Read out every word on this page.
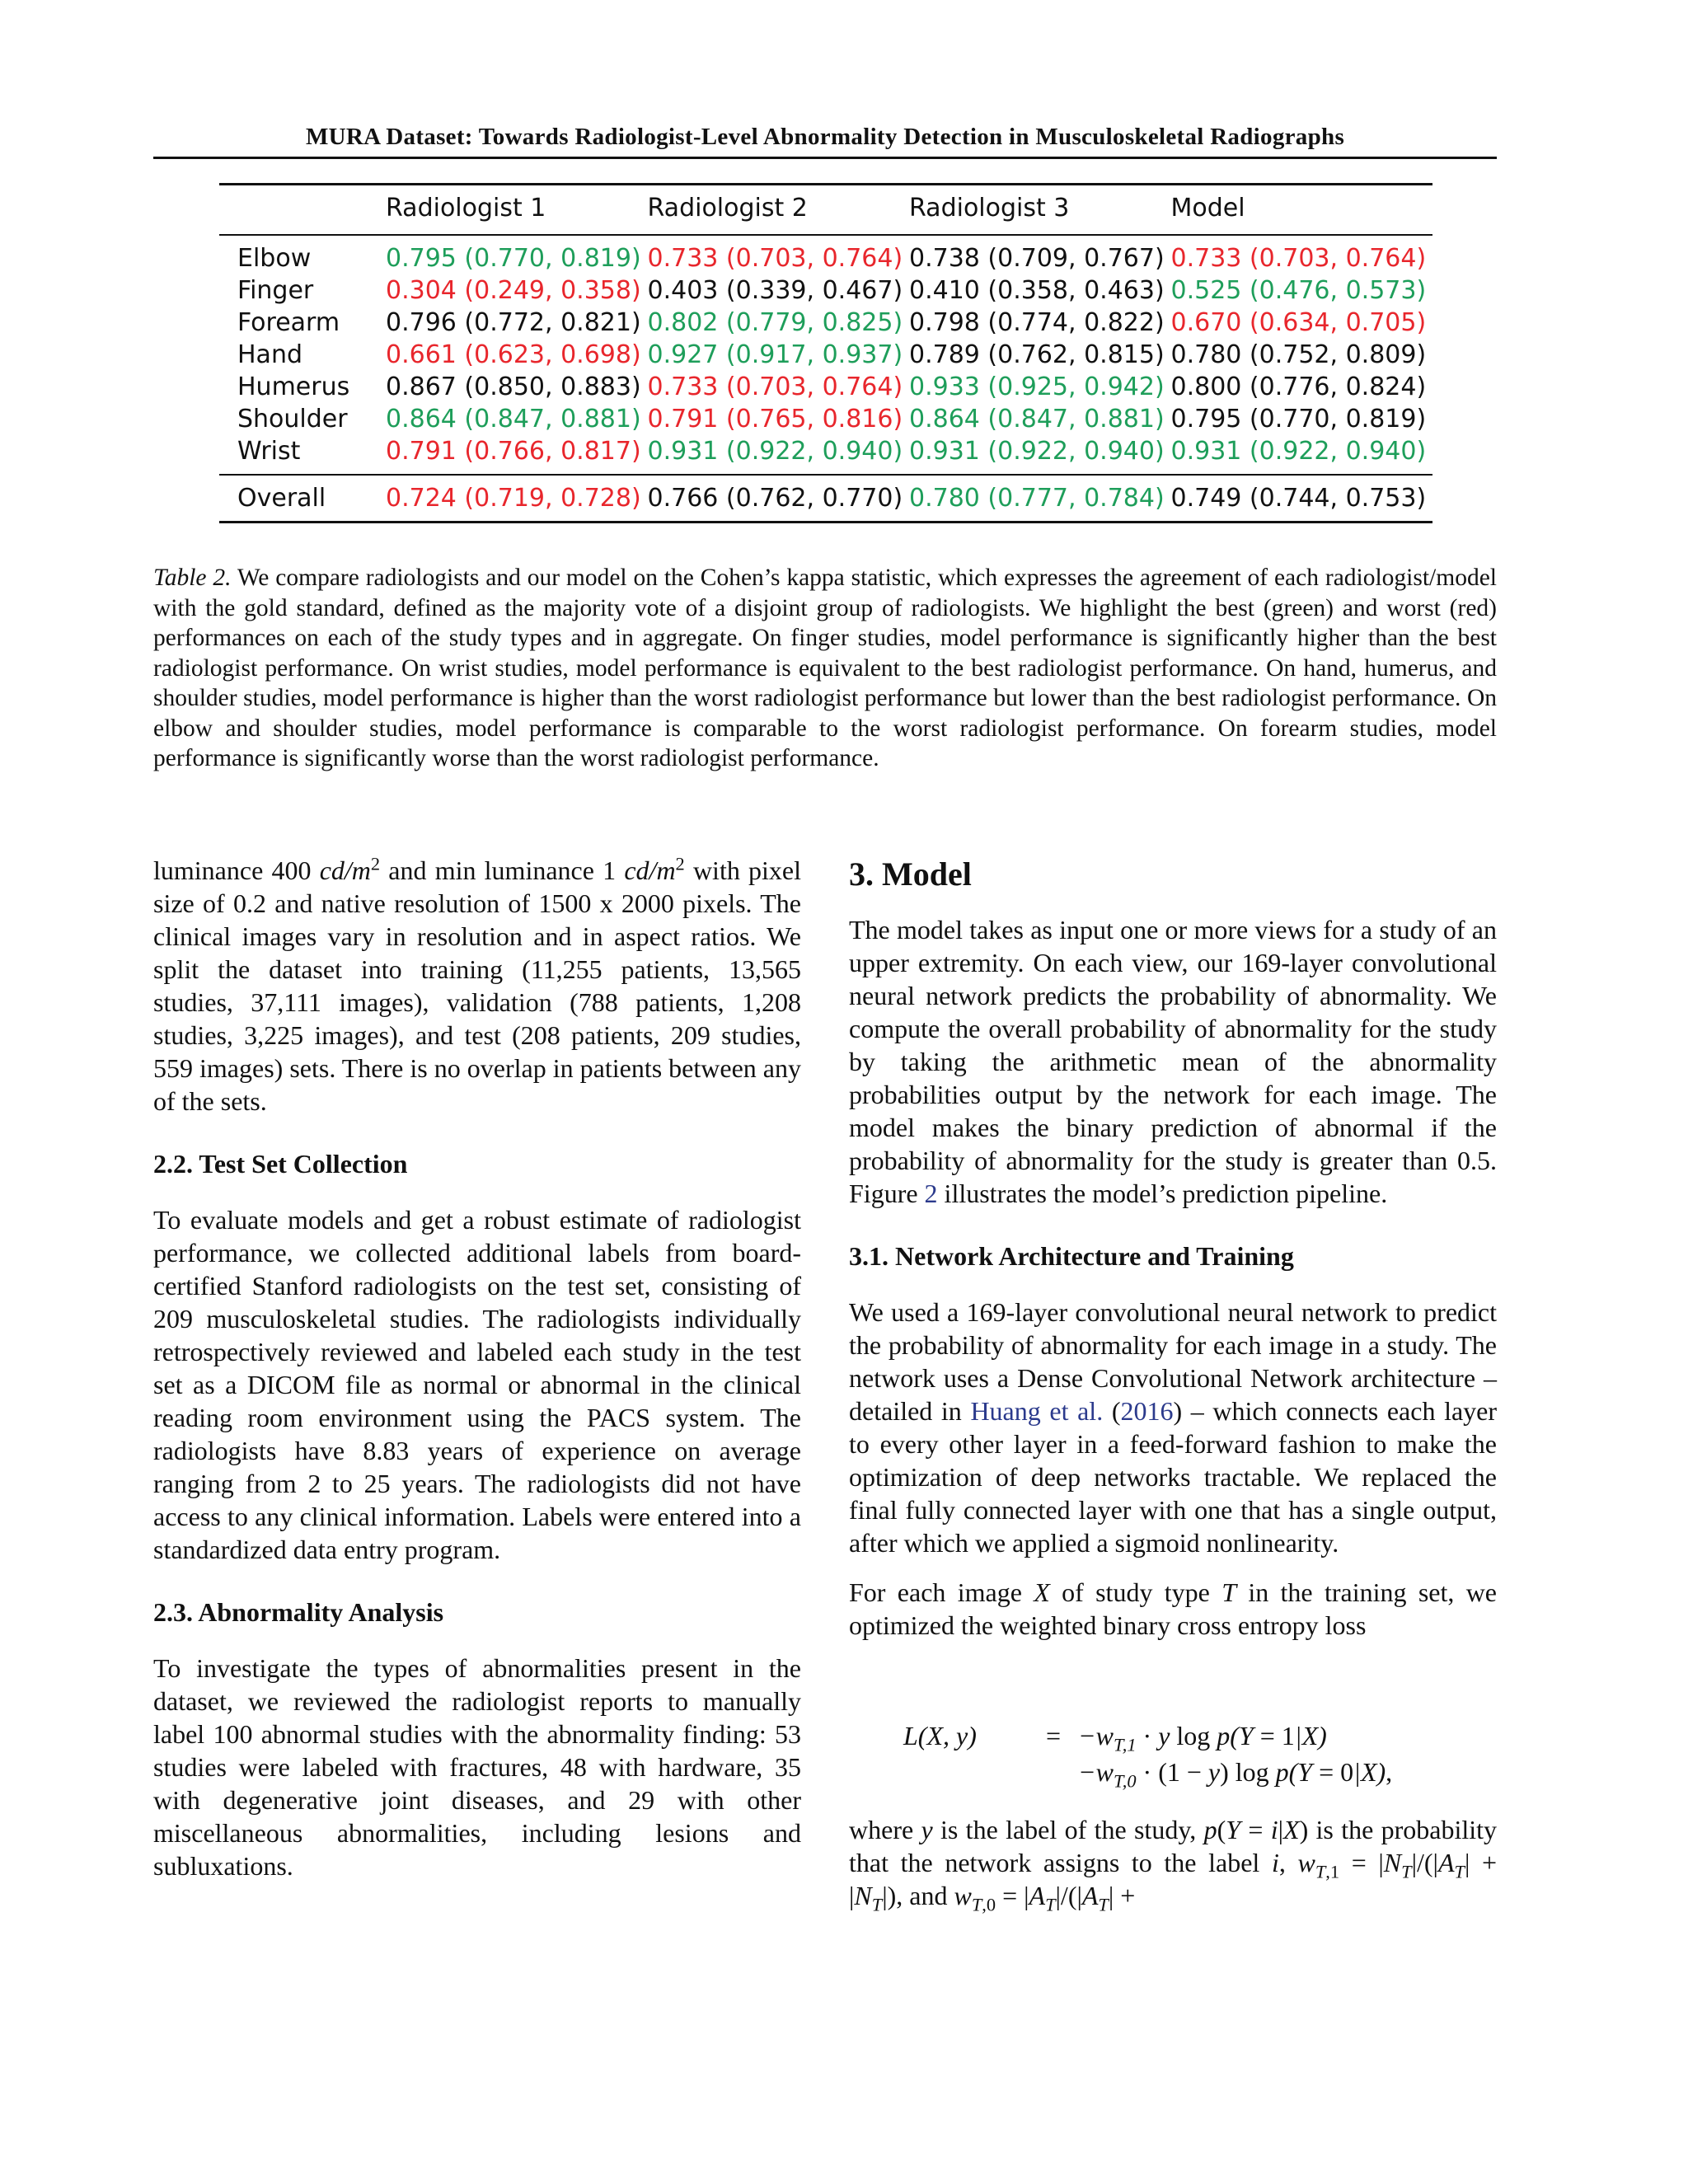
MURA Dataset: Towards Radiologist-Level Abnormality Detection in Musculoskeletal Radiographs
	Radiologist 1	Radiologist 2	Radiologist 3	Model
Elbow	0.795 (0.770, 0.819)	0.733 (0.703, 0.764)	0.738 (0.709, 0.767)	0.733 (0.703, 0.764)
Finger	0.304 (0.249, 0.358)	0.403 (0.339, 0.467)	0.410 (0.358, 0.463)	0.525 (0.476, 0.573)
Forearm	0.796 (0.772, 0.821)	0.802 (0.779, 0.825)	0.798 (0.774, 0.822)	0.670 (0.634, 0.705)
Hand	0.661 (0.623, 0.698)	0.927 (0.917, 0.937)	0.789 (0.762, 0.815)	0.780 (0.752, 0.809)
Humerus	0.867 (0.850, 0.883)	0.733 (0.703, 0.764)	0.933 (0.925, 0.942)	0.800 (0.776, 0.824)
Shoulder	0.864 (0.847, 0.881)	0.791 (0.765, 0.816)	0.864 (0.847, 0.881)	0.795 (0.770, 0.819)
Wrist	0.791 (0.766, 0.817)	0.931 (0.922, 0.940)	0.931 (0.922, 0.940)	0.931 (0.922, 0.940)
Overall	0.724 (0.719, 0.728)	0.766 (0.762, 0.770)	0.780 (0.777, 0.784)	0.749 (0.744, 0.753)
Table 2. We compare radiologists and our model on the Cohen’s kappa statistic, which expresses the agreement of each radiologist/model with the gold standard, defined as the majority vote of a disjoint group of radiologists. We highlight the best (green) and worst (red) performances on each of the study types and in aggregate. On finger studies, model performance is significantly higher than the best radiologist performance. On wrist studies, model performance is equivalent to the best radiologist performance. On hand, humerus, and shoulder studies, model performance is higher than the worst radiologist performance but lower than the best radiologist performance. On elbow and shoulder studies, model performance is comparable to the worst radiologist performance. On forearm studies, model performance is significantly worse than the worst radiologist performance.

luminance 400 $cd/m^2$ and min luminance 1 $cd/m^2$ with pixel size of 0.2 and native resolution of 1500 x 2000 pixels. The clinical images vary in resolution and in aspect ratios. We split the dataset into training (11,255 patients, 13,565 studies, 37,111 images), validation (788 patients, 1,208 studies, 3,225 images), and test (208 patients, 209 studies, 559 images) sets. There is no overlap in patients between any of the sets.

2.2. Test Set Collection

To evaluate models and get a robust estimate of radiologist performance, we collected additional labels from board-certified Stanford radiologists on the test set, consisting of 209 musculoskeletal studies. The radiologists individually retrospectively reviewed and labeled each study in the test set as a DICOM file as normal or abnormal in the clinical reading room environment using the PACS system. The radiologists have 8.83 years of experience on average ranging from 2 to 25 years. The radiologists did not have access to any clinical information. Labels were entered into a standardized data entry program.

2.3. Abnormality Analysis

To investigate the types of abnormalities present in the dataset, we reviewed the radiologist reports to manually label 100 abnormal studies with the abnormality finding: 53 studies were labeled with fractures, 48 with hardware, 35 with degenerative joint diseases, and 29 with other miscellaneous abnormalities, including lesions and subluxations.

3. Model

The model takes as input one or more views for a study of an upper extremity. On each view, our 169-layer convolutional neural network predicts the probability of abnormality. We compute the overall probability of abnormality for the study by taking the arithmetic mean of the abnormality probabilities output by the network for each image. The model makes the binary prediction of abnormal if the probability of abnormality for the study is greater than 0.5. Figure 2 illustrates the model’s prediction pipeline.

3.1. Network Architecture and Training

We used a 169-layer convolutional neural network to predict the probability of abnormality for each image in a study. The network uses a Dense Convolutional Network architecture – detailed in Huang et al. (2016) – which connects each layer to every other layer in a feed-forward fashion to make the optimization of deep networks tractable. We replaced the final fully connected layer with one that has a single output, after which we applied a sigmoid nonlinearity.

For each image X of study type T in the training set, we optimized the weighted binary cross entropy loss

L(X, y)	= $-w_{T,1} \cdot y$ log p(Y = 1|X)
$-w_{T,0} \cdot (1 - y)$ log p(Y = 0|X),

where y is the label of the study, p(Y = i|X) is the probability that the network assigns to the label i, $w_{T,1} = |N_T|/(|A_T| + |N_T|)$, and $w_{T,0} = |A_T|/(|A_T|$ +
